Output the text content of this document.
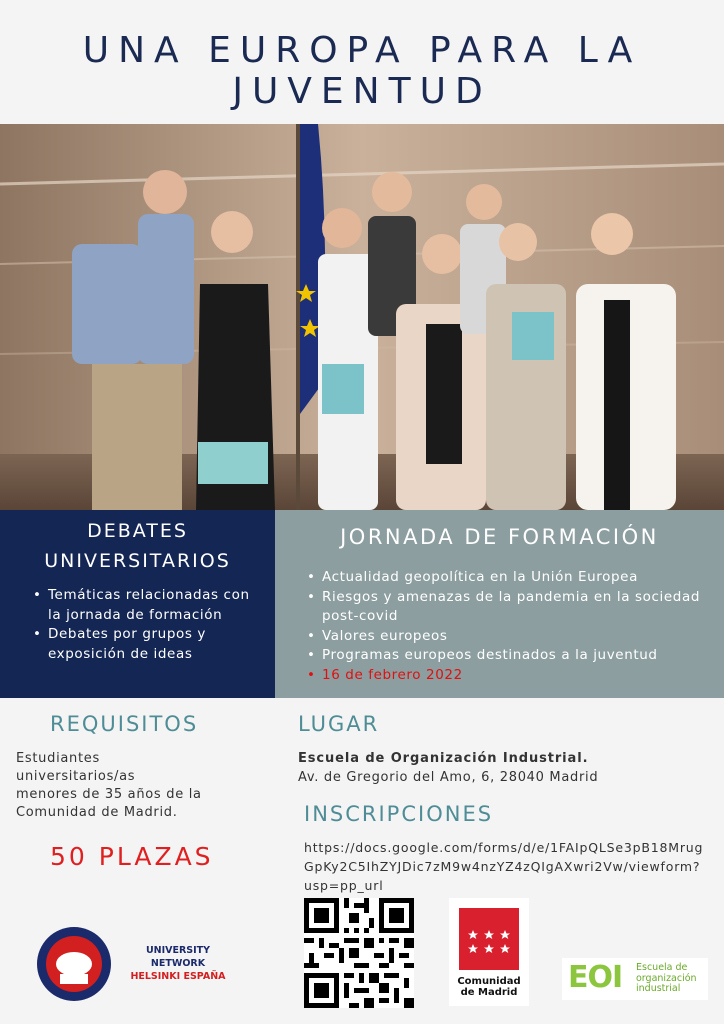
UNA EUROPA PARA LA JUVENTUD
DEBATES
UNIVERSITARIOS
• Temáticas relacionadas con la jornada de formación
• Debates por grupos y exposición de ideas
JORNADA DE FORMACIÓN
• Actualidad geopolítica en la Unión Europea
• Riesgos y amenazas de la pandemia en la sociedad post-covid
• Valores europeos
• Programas europeos destinados a la juventud
• 16 de febrero 2022
REQUISITOS
Estudiantes
universitarios/as
menores de 35 años de la
Comunidad de Madrid.
50 PLAZAS
LUGAR
Escuela de Organización Industrial.
Av. de Gregorio del Amo, 6, 28040 Madrid
INSCRIPCIONES
https://docs.google.com/forms/d/e/1FAIpQLSe3pB18MrugGpKy2C5IhZYJDic7zM9w4nzYZ4zQIgAXwri2Vw/viewform?usp=pp_url
UNIVERSITY
NETWORK
HELSINKI ESPAÑA	Comunidad
de Madrid	EOI Escuela de
organización
industrial
